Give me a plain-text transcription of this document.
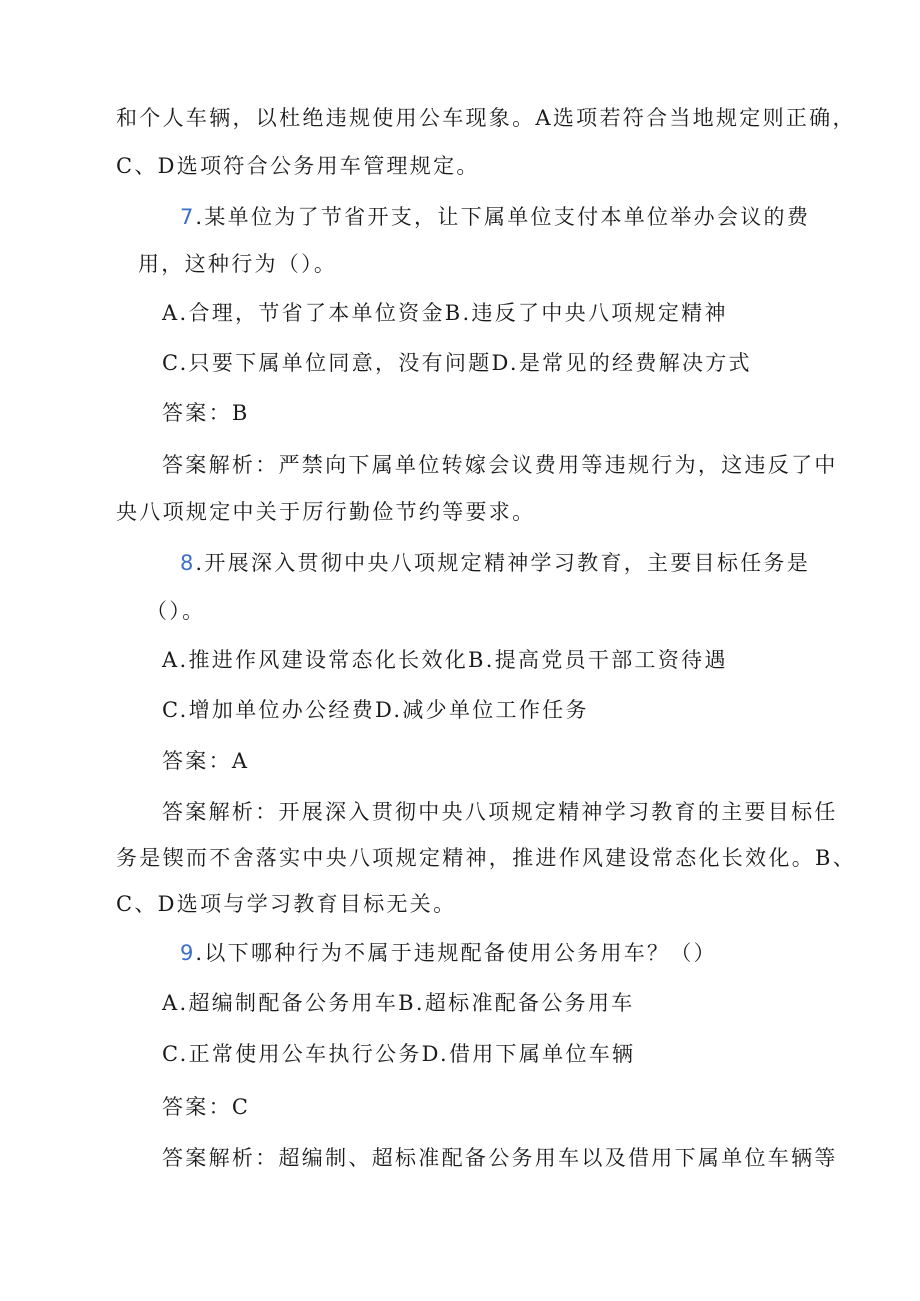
和个人车辆，以杜绝违规使用公车现象。A选项若符合当地规定则正确，
C、D选项符合公务用车管理规定。
7.某单位为了节省开支，让下属单位支付本单位举办会议的费
用，这种行为（）。
A.合理，节省了本单位资金B.违反了中央八项规定精神
C.只要下属单位同意，没有问题D.是常见的经费解决方式
答案：B
答案解析：严禁向下属单位转嫁会议费用等违规行为，这违反了中
央八项规定中关于厉行勤俭节约等要求。
8.开展深入贯彻中央八项规定精神学习教育，主要目标任务是
（）。
A.推进作风建设常态化长效化B.提高党员干部工资待遇
C.增加单位办公经费D.减少单位工作任务
答案：A
答案解析：开展深入贯彻中央八项规定精神学习教育的主要目标任
务是锲而不舍落实中央八项规定精神，推进作风建设常态化长效化。B、
C、D选项与学习教育目标无关。
9.以下哪种行为不属于违规配备使用公务用车？（）
A.超编制配备公务用车B.超标准配备公务用车
C.正常使用公车执行公务D.借用下属单位车辆
答案：C
答案解析：超编制、超标准配备公务用车以及借用下属单位车辆等
